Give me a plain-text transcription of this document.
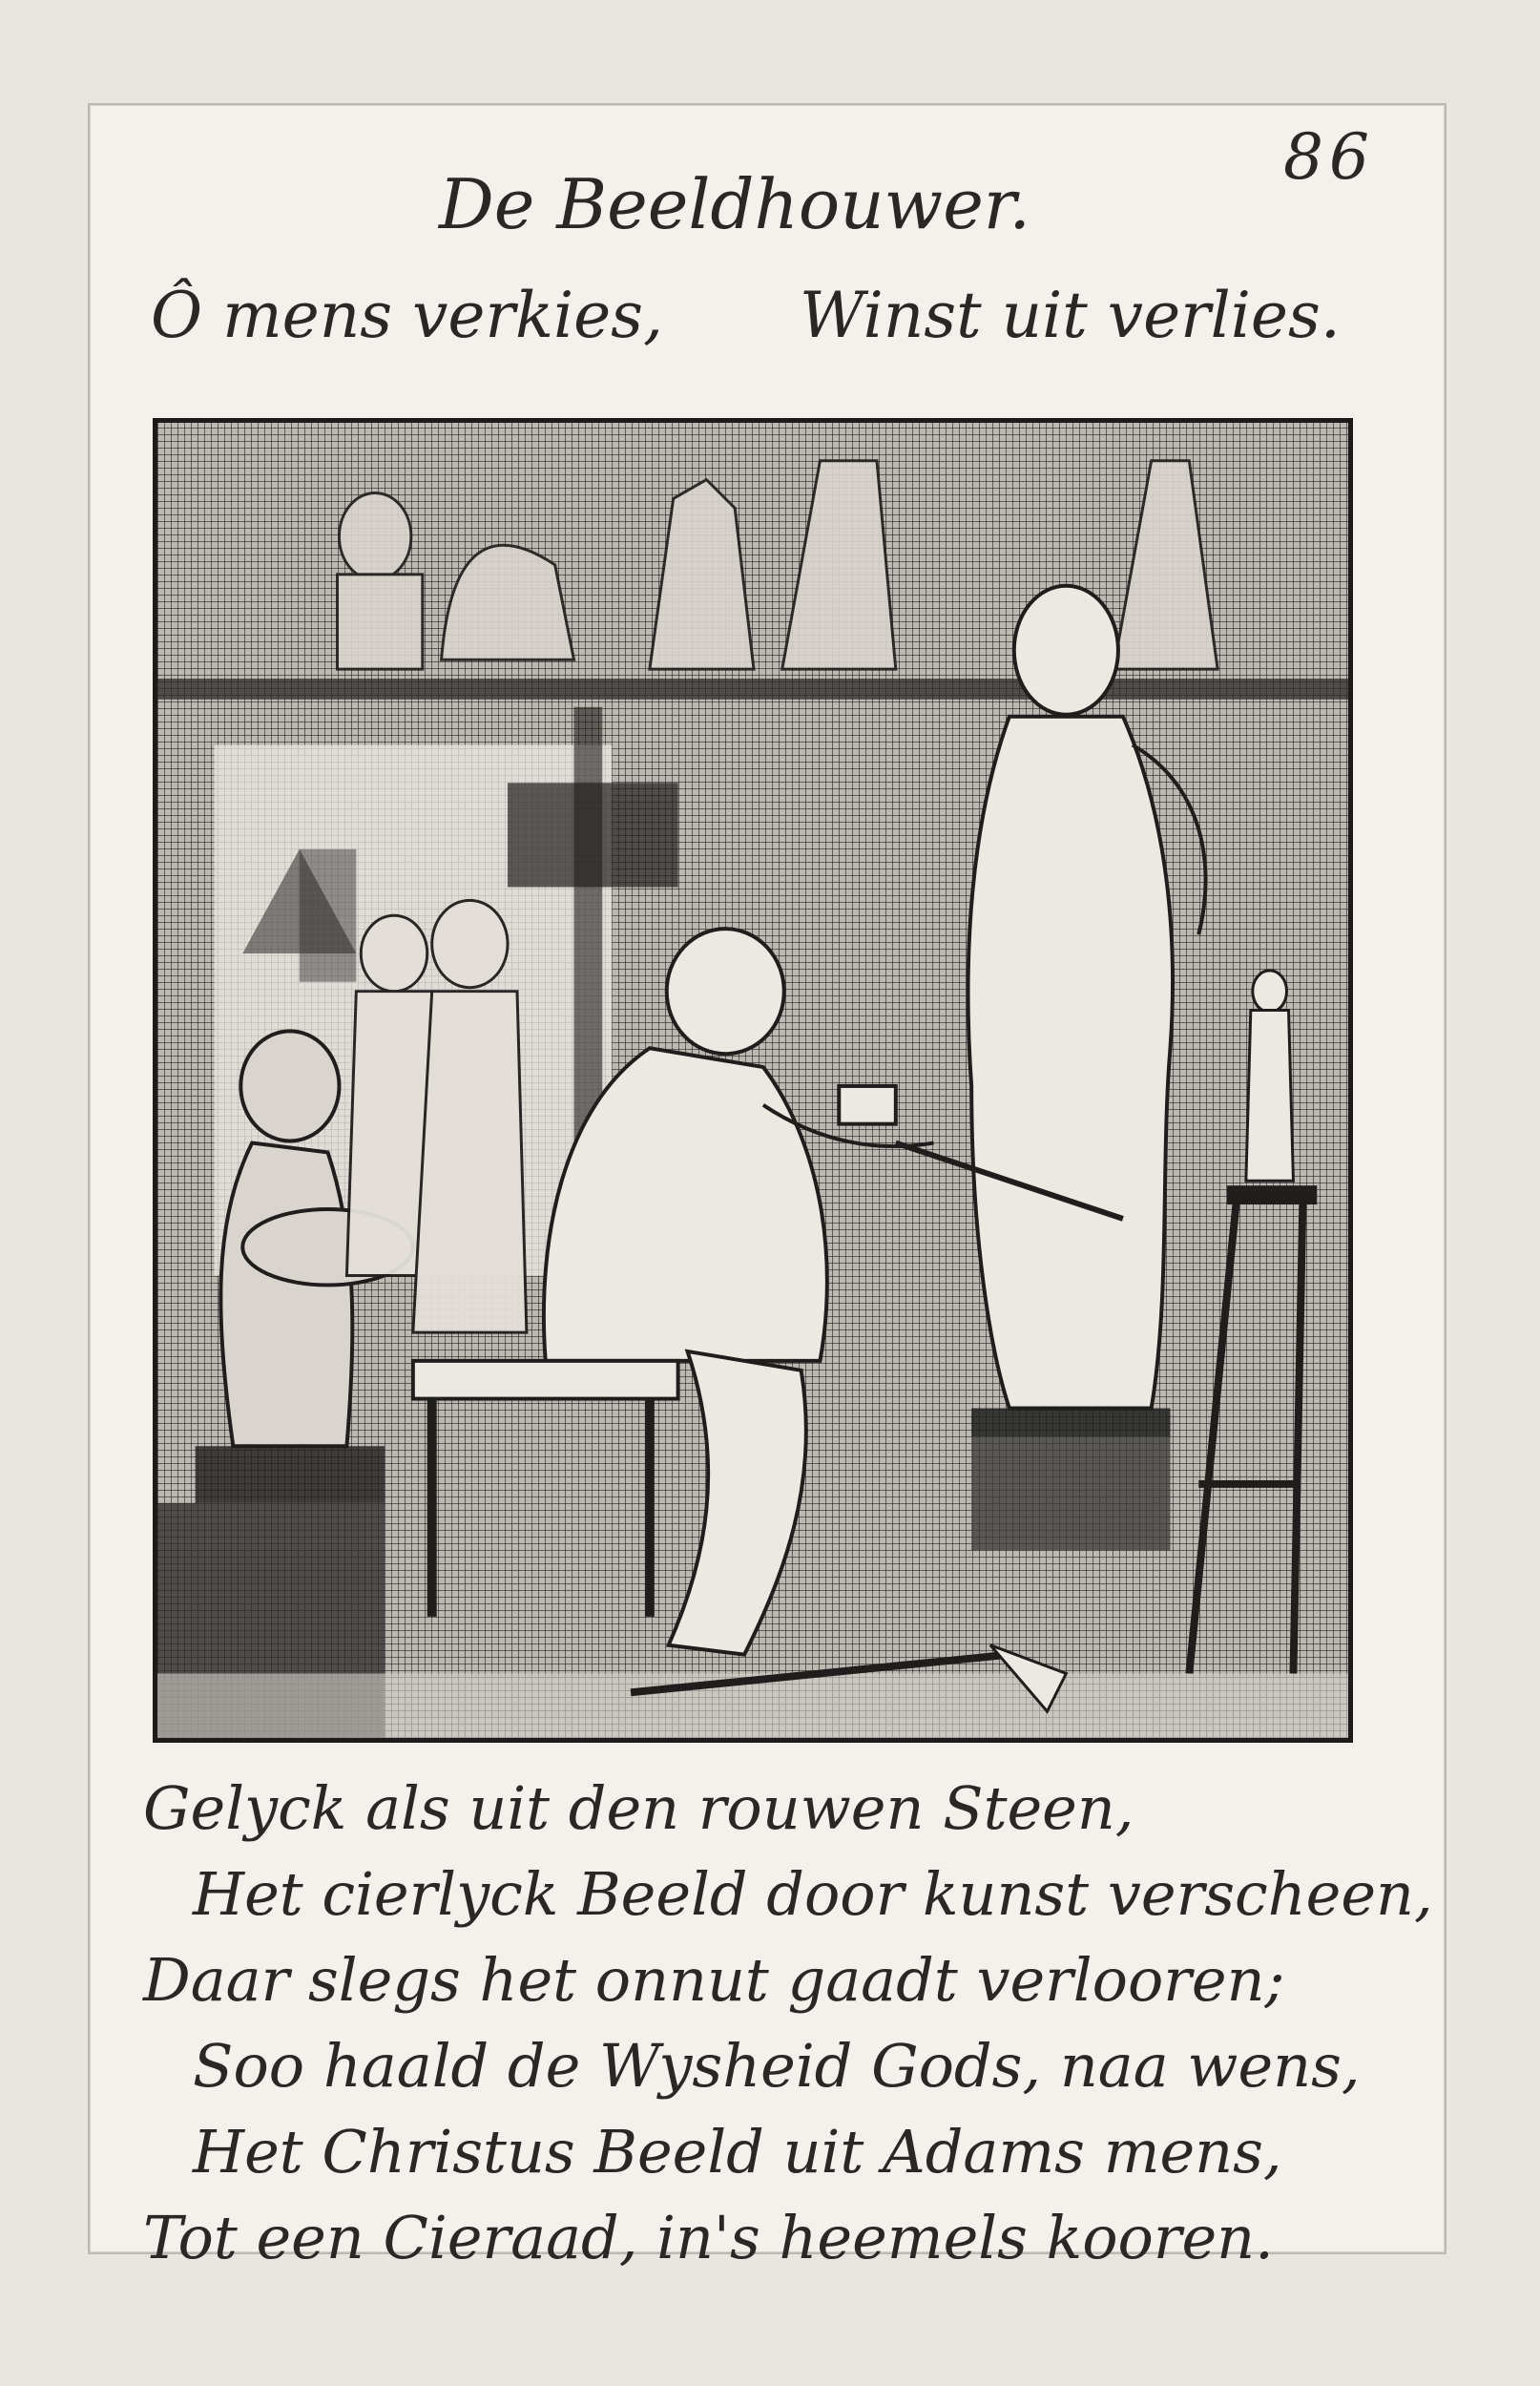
86
De Beeldhouwer.
Ô mens verkies, Winst uit verlies.
Gelyck als uit den rouwen Steen,
Het cierlyck Beeld door kunst verscheen,
Daar slegs het onnut gaadt verlooren;
Soo haald de Wysheid Gods, naa wens,
Het Christus Beeld uit Adams mens,
Tot een Cieraad, in's heemels kooren.
